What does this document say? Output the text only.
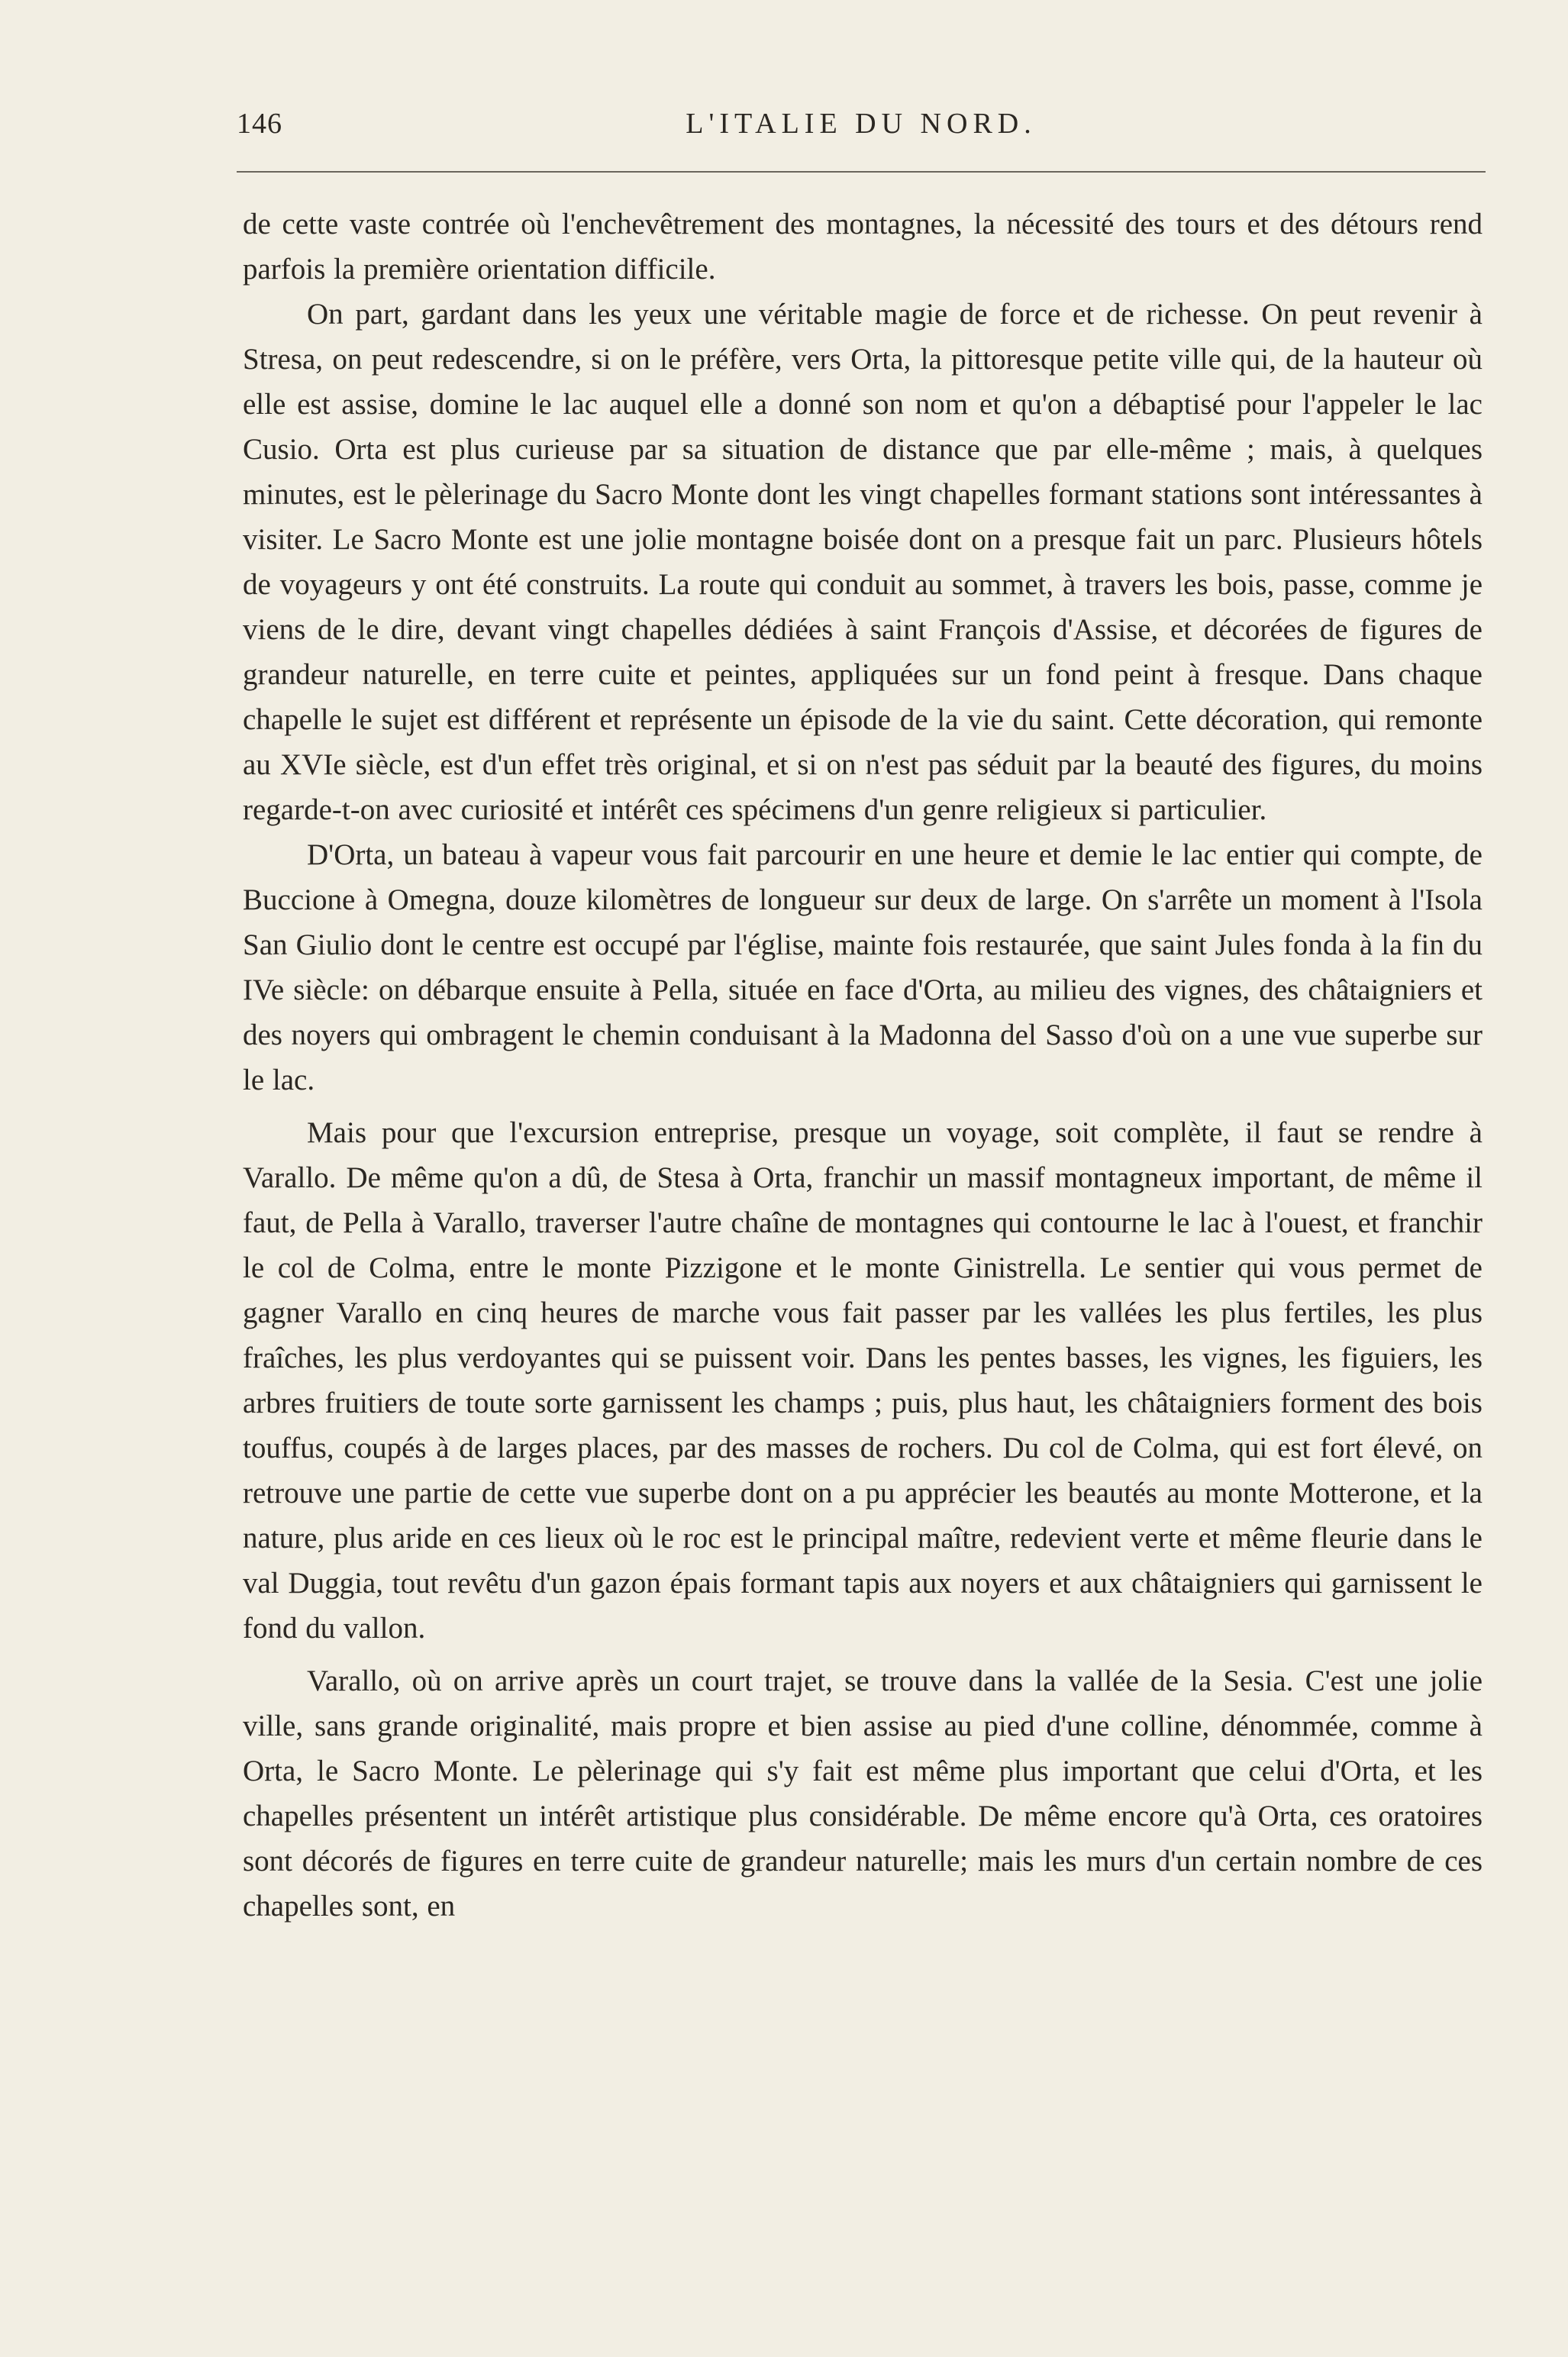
146	L'ITALIE DU NORD.

de cette vaste contrée où l'enchevêtrement des montagnes, la nécessité des tours et des détours rend parfois la première orientation difficile.

On part, gardant dans les yeux une véritable magie de force et de richesse. On peut revenir à Stresa, on peut redescendre, si on le préfère, vers Orta, la pittoresque petite ville qui, de la hauteur où elle est assise, domine le lac auquel elle a donné son nom et qu'on a débaptisé pour l'appeler le lac Cusio. Orta est plus curieuse par sa situation de distance que par elle-même ; mais, à quelques minutes, est le pèlerinage du Sacro Monte dont les vingt chapelles formant stations sont intéressantes à visiter. Le Sacro Monte est une jolie montagne boisée dont on a presque fait un parc. Plusieurs hôtels de voyageurs y ont été construits. La route qui conduit au sommet, à travers les bois, passe, comme je viens de le dire, devant vingt chapelles dédiées à saint François d'Assise, et décorées de figures de grandeur naturelle, en terre cuite et peintes, appliquées sur un fond peint à fresque. Dans chaque chapelle le sujet est différent et représente un épisode de la vie du saint. Cette décoration, qui remonte au XVIe siècle, est d'un effet très original, et si on n'est pas séduit par la beauté des figures, du moins regarde-t-on avec curiosité et intérêt ces spécimens d'un genre religieux si particulier.

D'Orta, un bateau à vapeur vous fait parcourir en une heure et demie le lac entier qui compte, de Buccione à Omegna, douze kilomètres de longueur sur deux de large. On s'arrête un moment à l'Isola San Giulio dont le centre est occupé par l'église, mainte fois restaurée, que saint Jules fonda à la fin du IVe siècle: on débarque ensuite à Pella, située en face d'Orta, au milieu des vignes, des châtaigniers et des noyers qui ombragent le chemin conduisant à la Madonna del Sasso d'où on a une vue superbe sur le lac.

Mais pour que l'excursion entreprise, presque un voyage, soit complète, il faut se rendre à Varallo. De même qu'on a dû, de Stesa à Orta, franchir un massif montagneux important, de même il faut, de Pella à Varallo, traverser l'autre chaîne de montagnes qui contourne le lac à l'ouest, et franchir le col de Colma, entre le monte Pizzigone et le monte Ginistrella. Le sentier qui vous permet de gagner Varallo en cinq heures de marche vous fait passer par les vallées les plus fertiles, les plus fraîches, les plus verdoyantes qui se puissent voir. Dans les pentes basses, les vignes, les figuiers, les arbres fruitiers de toute sorte garnissent les champs ; puis, plus haut, les châtaigniers forment des bois touffus, coupés à de larges places, par des masses de rochers. Du col de Colma, qui est fort élevé, on retrouve une partie de cette vue superbe dont on a pu apprécier les beautés au monte Motterone, et la nature, plus aride en ces lieux où le roc est le principal maître, redevient verte et même fleurie dans le val Duggia, tout revêtu d'un gazon épais formant tapis aux noyers et aux châtaigniers qui garnissent le fond du vallon.

Varallo, où on arrive après un court trajet, se trouve dans la vallée de la Sesia. C'est une jolie ville, sans grande originalité, mais propre et bien assise au pied d'une colline, dénommée, comme à Orta, le Sacro Monte. Le pèlerinage qui s'y fait est même plus important que celui d'Orta, et les chapelles présentent un intérêt artistique plus considérable. De même encore qu'à Orta, ces oratoires sont décorés de figures en terre cuite de grandeur naturelle; mais les murs d'un certain nombre de ces chapelles sont, en
